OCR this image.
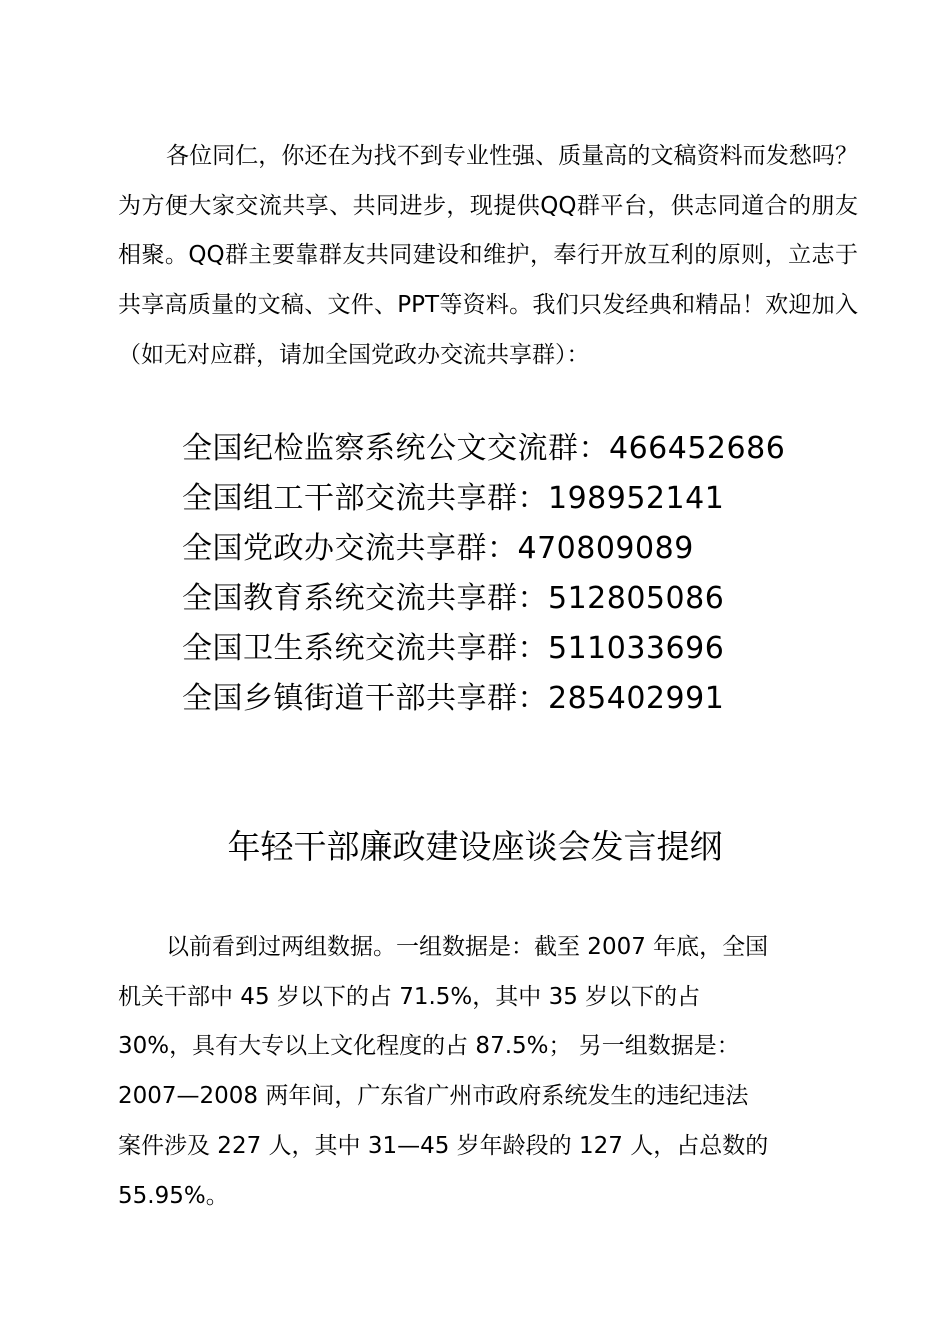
各位同仁，你还在为找不到专业性强、质量高的文稿资料而发愁吗？为方便大家交流共享、共同进步，现提供QQ群平台，供志同道合的朋友相聚。QQ群主要靠群友共同建设和维护，奉行开放互利的原则，立志于共享高质量的文稿、文件、PPT等资料。我们只发经典和精品！欢迎加入（如无对应群，请加全国党政办交流共享群）：

全国纪检监察系统公文交流群：466452686
全国组工干部交流共享群：198952141
全国党政办交流共享群：470809089
全国教育系统交流共享群：512805086
全国卫生系统交流共享群：511033696
全国乡镇街道干部共享群：285402991
年轻干部廉政建设座谈会发言提纲

以前看到过两组数据。一组数据是：截至 2007 年底，全国
机关干部中 45 岁以下的占 71.5%，其中 35 岁以下的占
30%，具有大专以上文化程度的占 87.5%； 另一组数据是：
2007—2008 两年间，广东省广州市政府系统发生的违纪违法
案件涉及 227 人，其中 31—45 岁年龄段的 127 人，占总数的
55.95%。
